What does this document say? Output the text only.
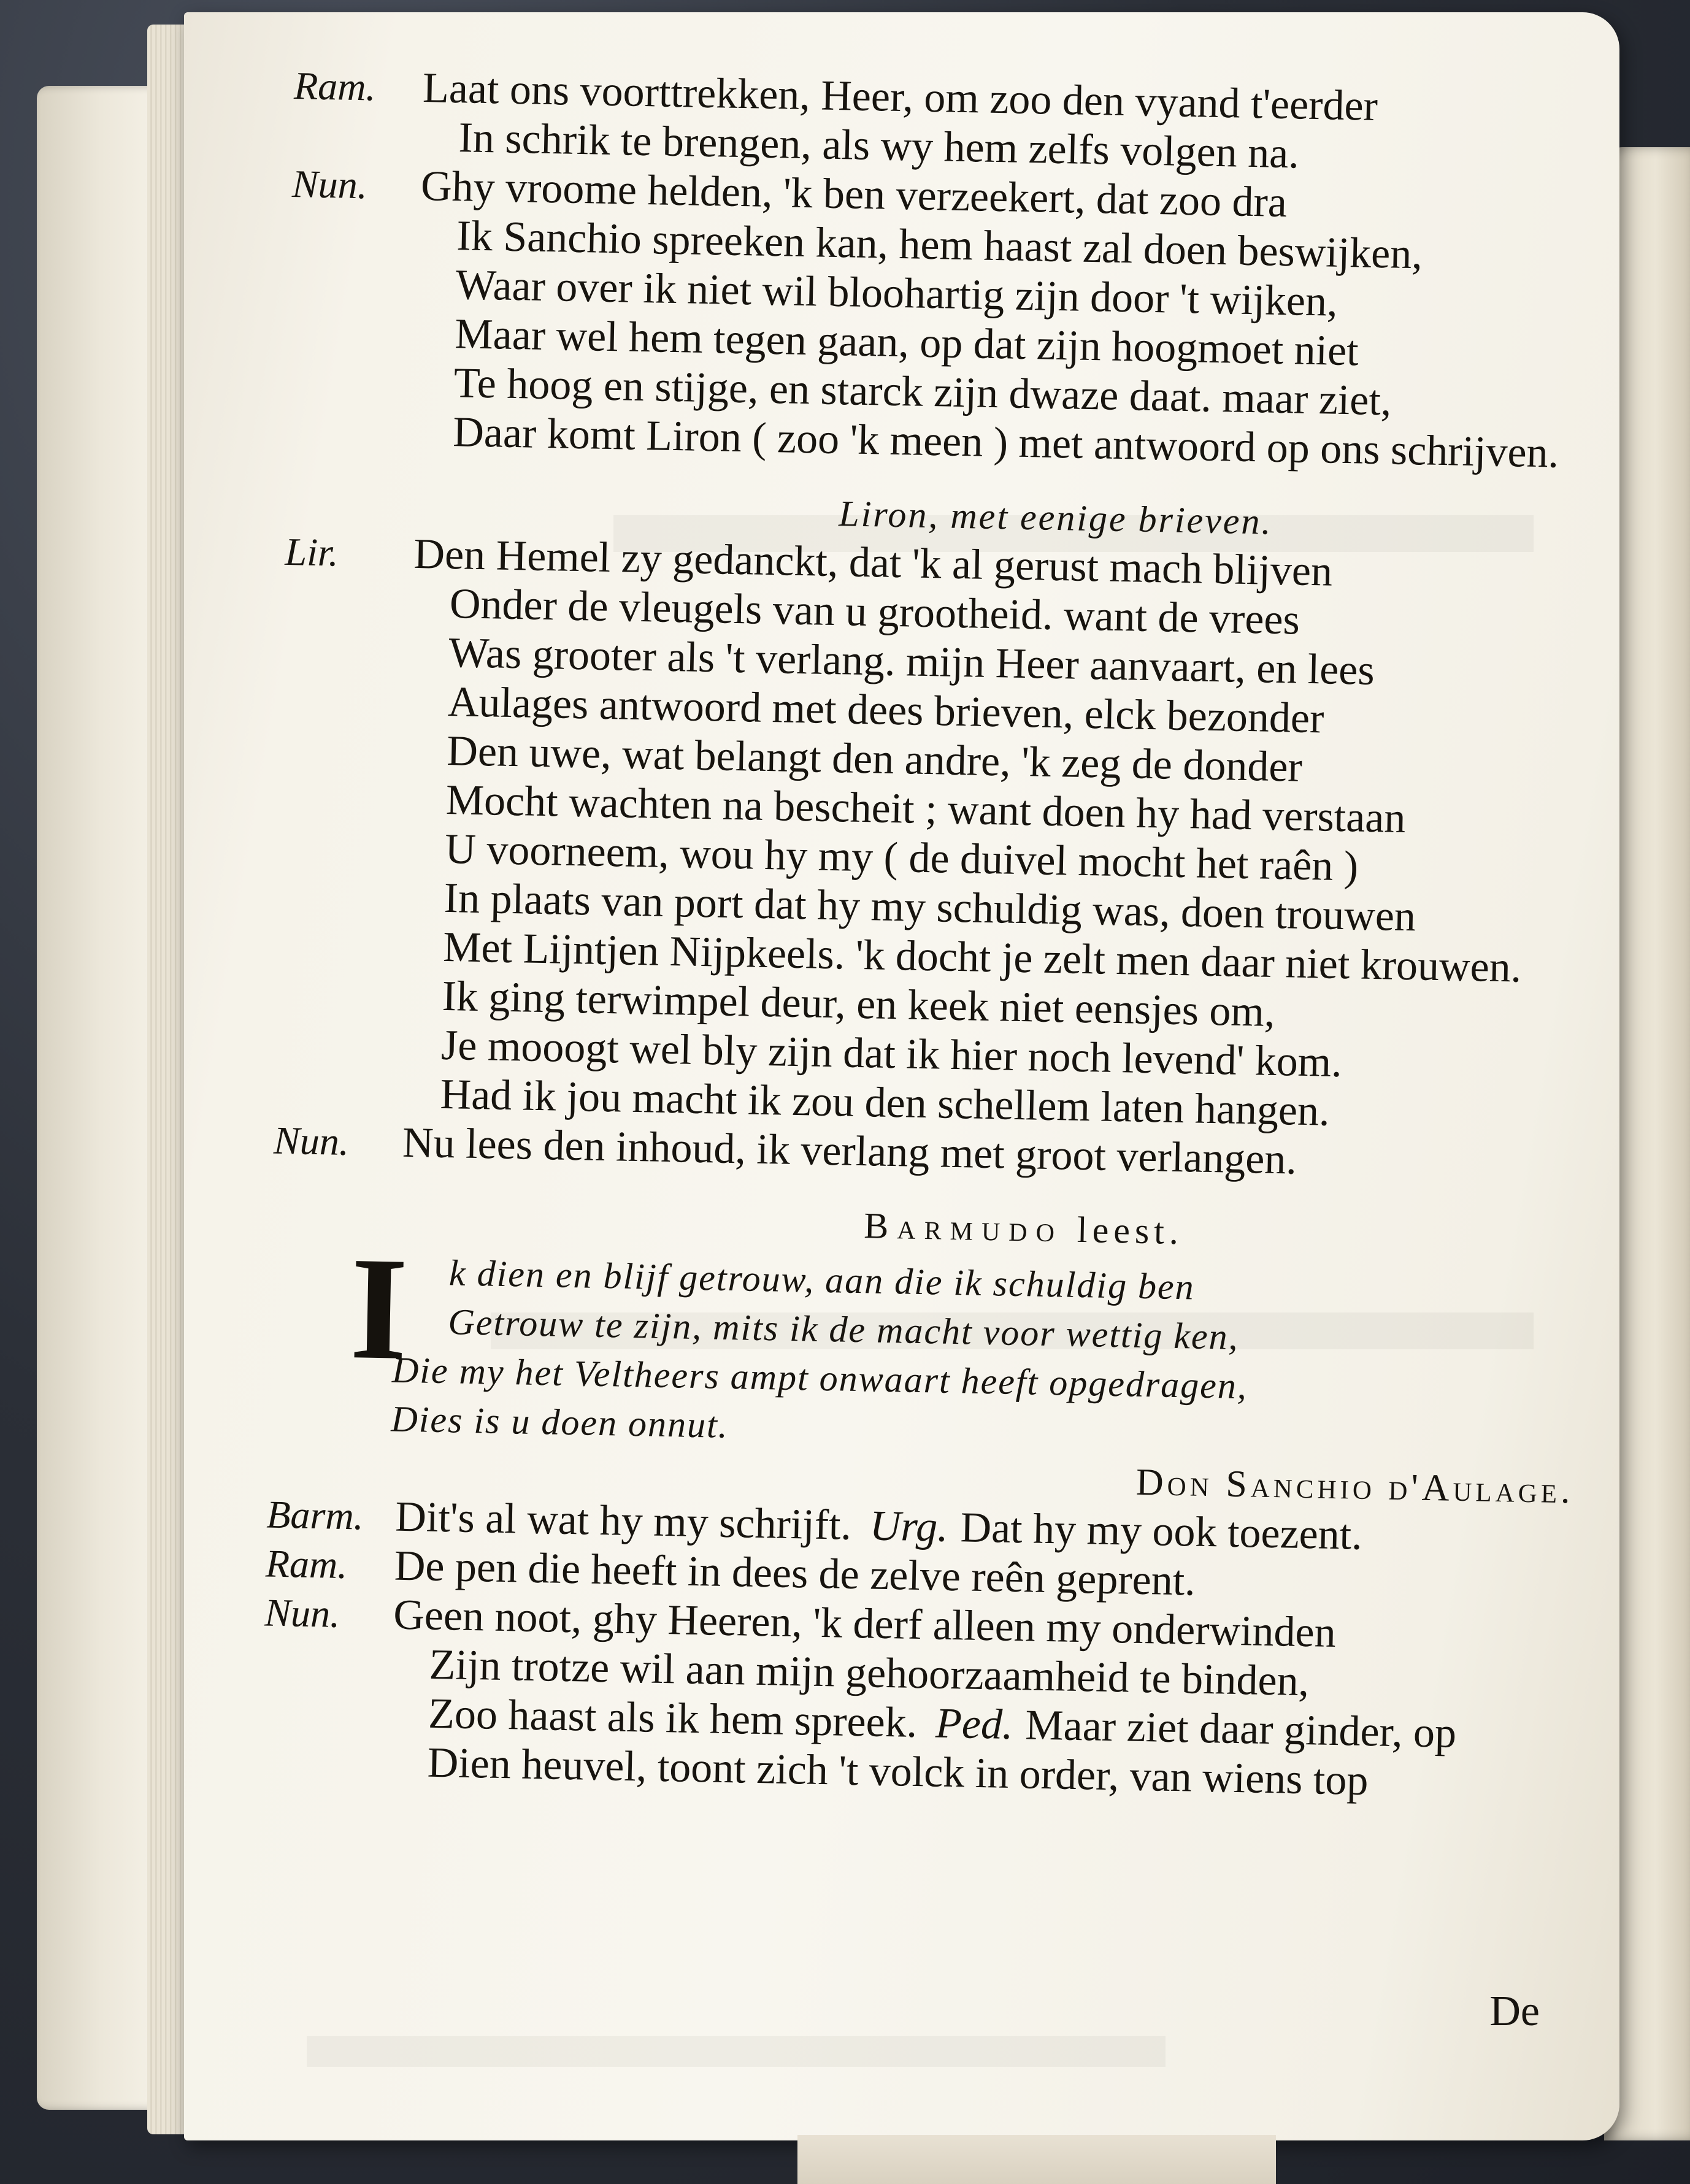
Ram. Laat ons voorttrekken, Heer, om zoo den vyand t'eerder
In schrik te brengen, als wy hem zelfs volgen na.
Nun. Ghy vroome helden, 'k ben verzeekert, dat zoo dra
Ik Sanchio spreeken kan, hem haast zal doen beswijken,
Waar over ik niet wil bloohartig zijn door 't wijken,
Maar wel hem tegen gaan, op dat zijn hoogmoet niet
Te hoog en stijge, en starck zijn dwaze daat. maar ziet,
Daar komt Liron ( zoo 'k meen ) met antwoord op ons schrijven.
Liron, met eenige brieven.
Lir. Den Hemel zy gedanckt, dat 'k al gerust mach blijven
Onder de vleugels van u grootheid. want de vrees
Was grooter als 't verlang. mijn Heer aanvaart, en lees
Aulages antwoord met dees brieven, elck bezonder
Den uwe, wat belangt den andre, 'k zeg de donder
Mocht wachten na bescheit ; want doen hy had verstaan
U voorneem, wou hy my ( de duivel mocht het raên )
In plaats van port dat hy my schuldig was, doen trouwen
Met Lijntjen Nijpkeels. 'k docht je zelt men daar niet krouwen.
Ik ging terwimpel deur, en keek niet eensjes om,
Je mooogt wel bly zijn dat ik hier noch levend' kom.
Had ik jou macht ik zou den schellem laten hangen.
Nun. Nu lees den inhoud, ik verlang met groot verlangen.
Barmudo leest.
I k dien en blijf getrouw, aan die ik schuldig ben
Getrouw te zijn, mits ik de macht voor wettig ken,
Die my het Veltheers ampt onwaart heeft opgedragen,
Dies is u doen onnut.
Don Sanchio d'Aulage.
Barm. Dit's al wat hy my schrijft. Urg. Dat hy my ook toezent.
Ram. De pen die heeft in dees de zelve reên geprent.
Nun. Geen noot, ghy Heeren, 'k derf alleen my onderwinden
Zijn trotze wil aan mijn gehoorzaamheid te binden,
Zoo haast als ik hem spreek. Ped. Maar ziet daar ginder, op
Dien heuvel, toont zich 't volck in order, van wiens top
De
